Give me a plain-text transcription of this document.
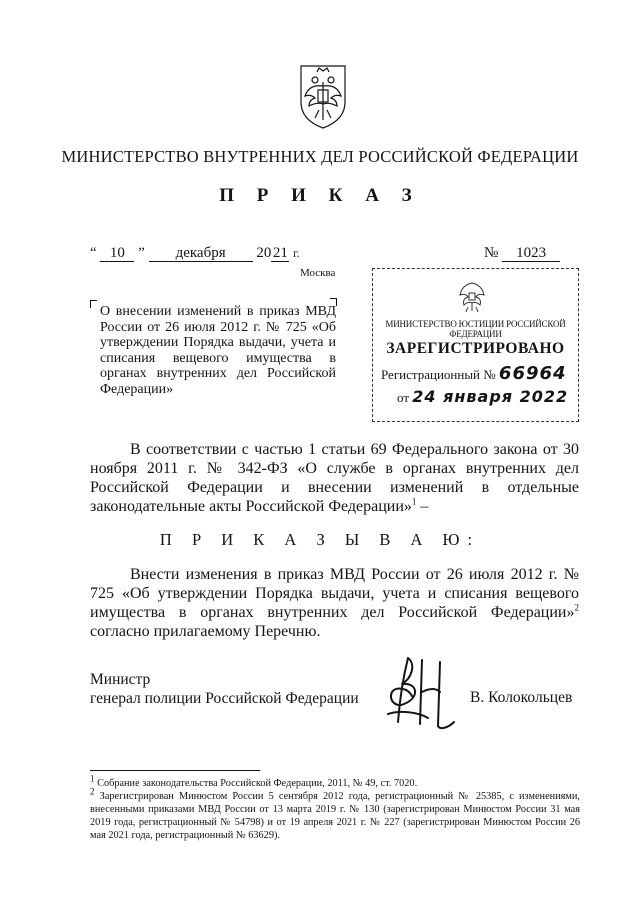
МИНИСТЕРСТВО ВНУТРЕННИХ ДЕЛ РОССИЙСКОЙ ФЕДЕРАЦИИ
П Р И К А З
“ 10 ” декабря 20 21 г.	№ 1023
Москва
О внесении изменений в приказ МВД России от 26 июля 2012 г. № 725 «Об утверждении Порядка выдачи, учета и списания вещевого имущества в органах внутренних дел Российской Федерации»
МИНИСТЕРСТВО ЮСТИЦИИ РОССИЙСКОЙ ФЕДЕРАЦИИ
ЗАРЕГИСТРИРОВАНО
Регистрационный № 66964
от 24 января 2022
В соответствии с частью 1 статьи 69 Федерального закона от 30 ноября 2011 г. № 342-ФЗ «О службе в органах внутренних дел Российской Федерации и внесении изменений в отдельные законодательные акты Российской Федерации»$^1$ –
П Р И К А З Ы В А Ю:
Внести изменения в приказ МВД России от 26 июля 2012 г. № 725 «Об утверждении Порядка выдачи, учета и списания вещевого имущества в органах внутренних дел Российской Федерации»$^2$ согласно прилагаемому Перечню.
Министр
генерал полиции Российской Федерации	В. Колокольцев
$^1$ Собрание законодательства Российской Федерации, 2011, № 49, ст. 7020.
$^2$ Зарегистрирован Минюстом России 5 сентября 2012 года, регистрационный № 25385, с изменениями, внесенными приказами МВД России от 13 марта 2019 г. № 130 (зарегистрирован Минюстом России 31 мая 2019 года, регистрационный № 54798) и от 19 апреля 2021 г. № 227 (зарегистрирован Минюстом России 26 мая 2021 года, регистрационный № 63629).
